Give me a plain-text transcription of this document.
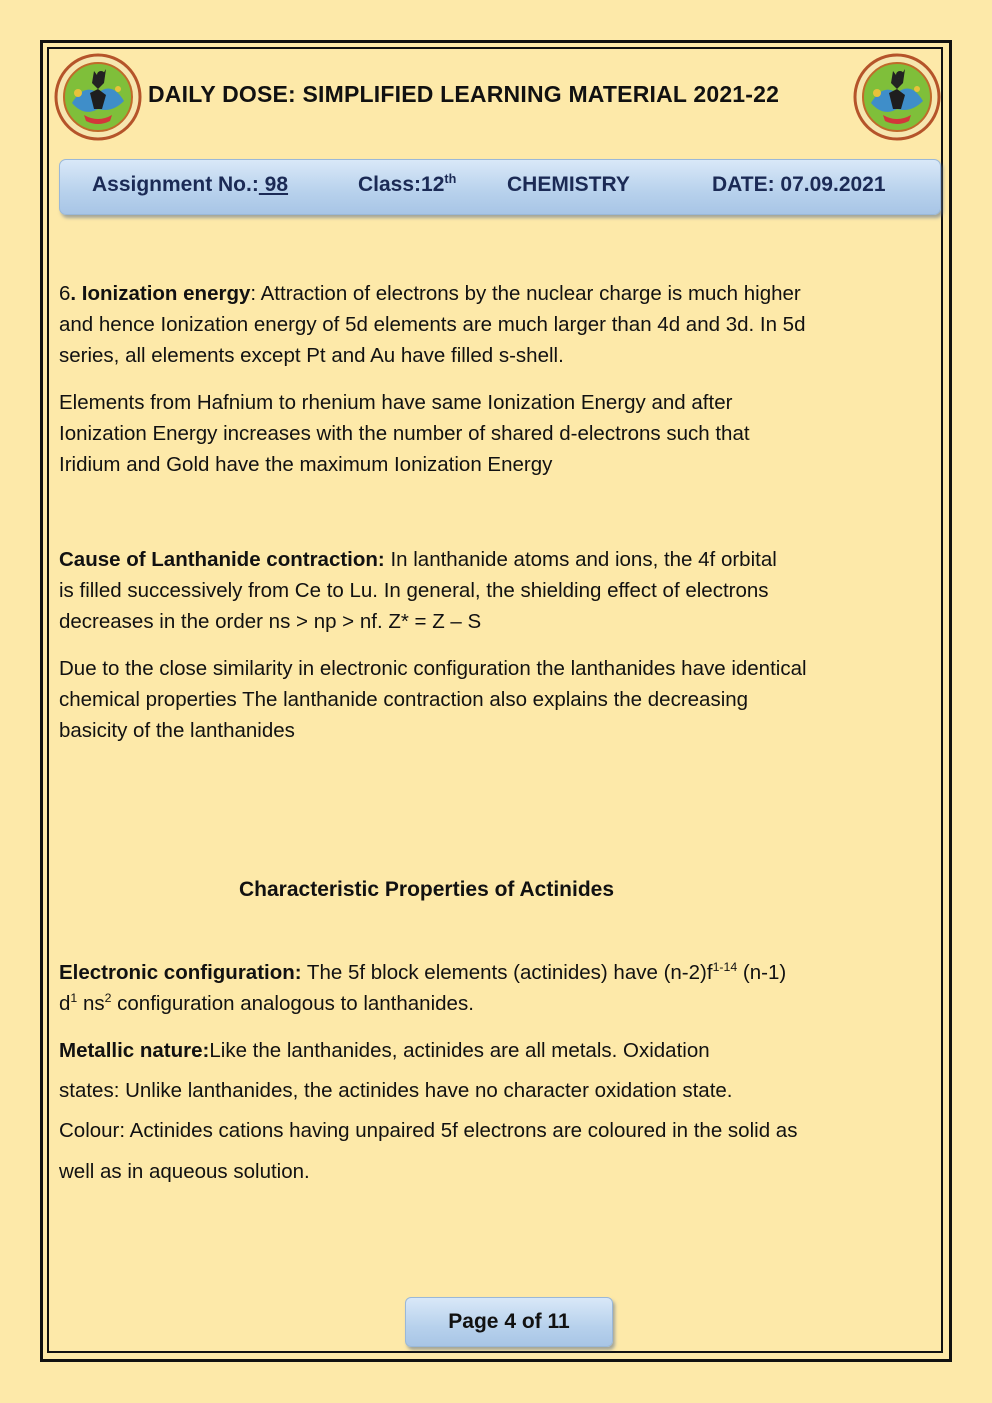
DAILY DOSE: SIMPLIFIED LEARNING MATERIAL 2021-22
Assignment No.: 98	Class:12th CHEMISTRY	DATE: 07.09.2021
6. Ionization energy: Attraction of electrons by the nuclear charge is much higher
and hence Ionization energy of 5d elements are much larger than 4d and 3d. In 5d
series, all elements except Pt and Au have filled s-shell.
Elements from Hafnium to rhenium have same Ionization Energy and after
Ionization Energy increases with the number of shared d-electrons such that
Iridium and Gold have the maximum Ionization Energy
Cause of Lanthanide contraction: In lanthanide atoms and ions, the 4f orbital
is filled successively from Ce to Lu. In general, the shielding effect of electrons
decreases in the order ns > np > nf. Z* = Z – S
Due to the close similarity in electronic configuration the lanthanides have identical
chemical properties The lanthanide contraction also explains the decreasing
basicity of the lanthanides
Characteristic Properties of Actinides
Electronic configuration: The 5f block elements (actinides) have $(n-2)f^{1-14}$ (n-1)
$d^1$ $ns^2$ configuration analogous to lanthanides.
Metallic nature:Like the lanthanides, actinides are all metals. Oxidation
states: Unlike lanthanides, the actinides have no character oxidation state.
Colour: Actinides cations having unpaired 5f electrons are coloured in the solid as
well as in aqueous solution.
Page 4 of 11
